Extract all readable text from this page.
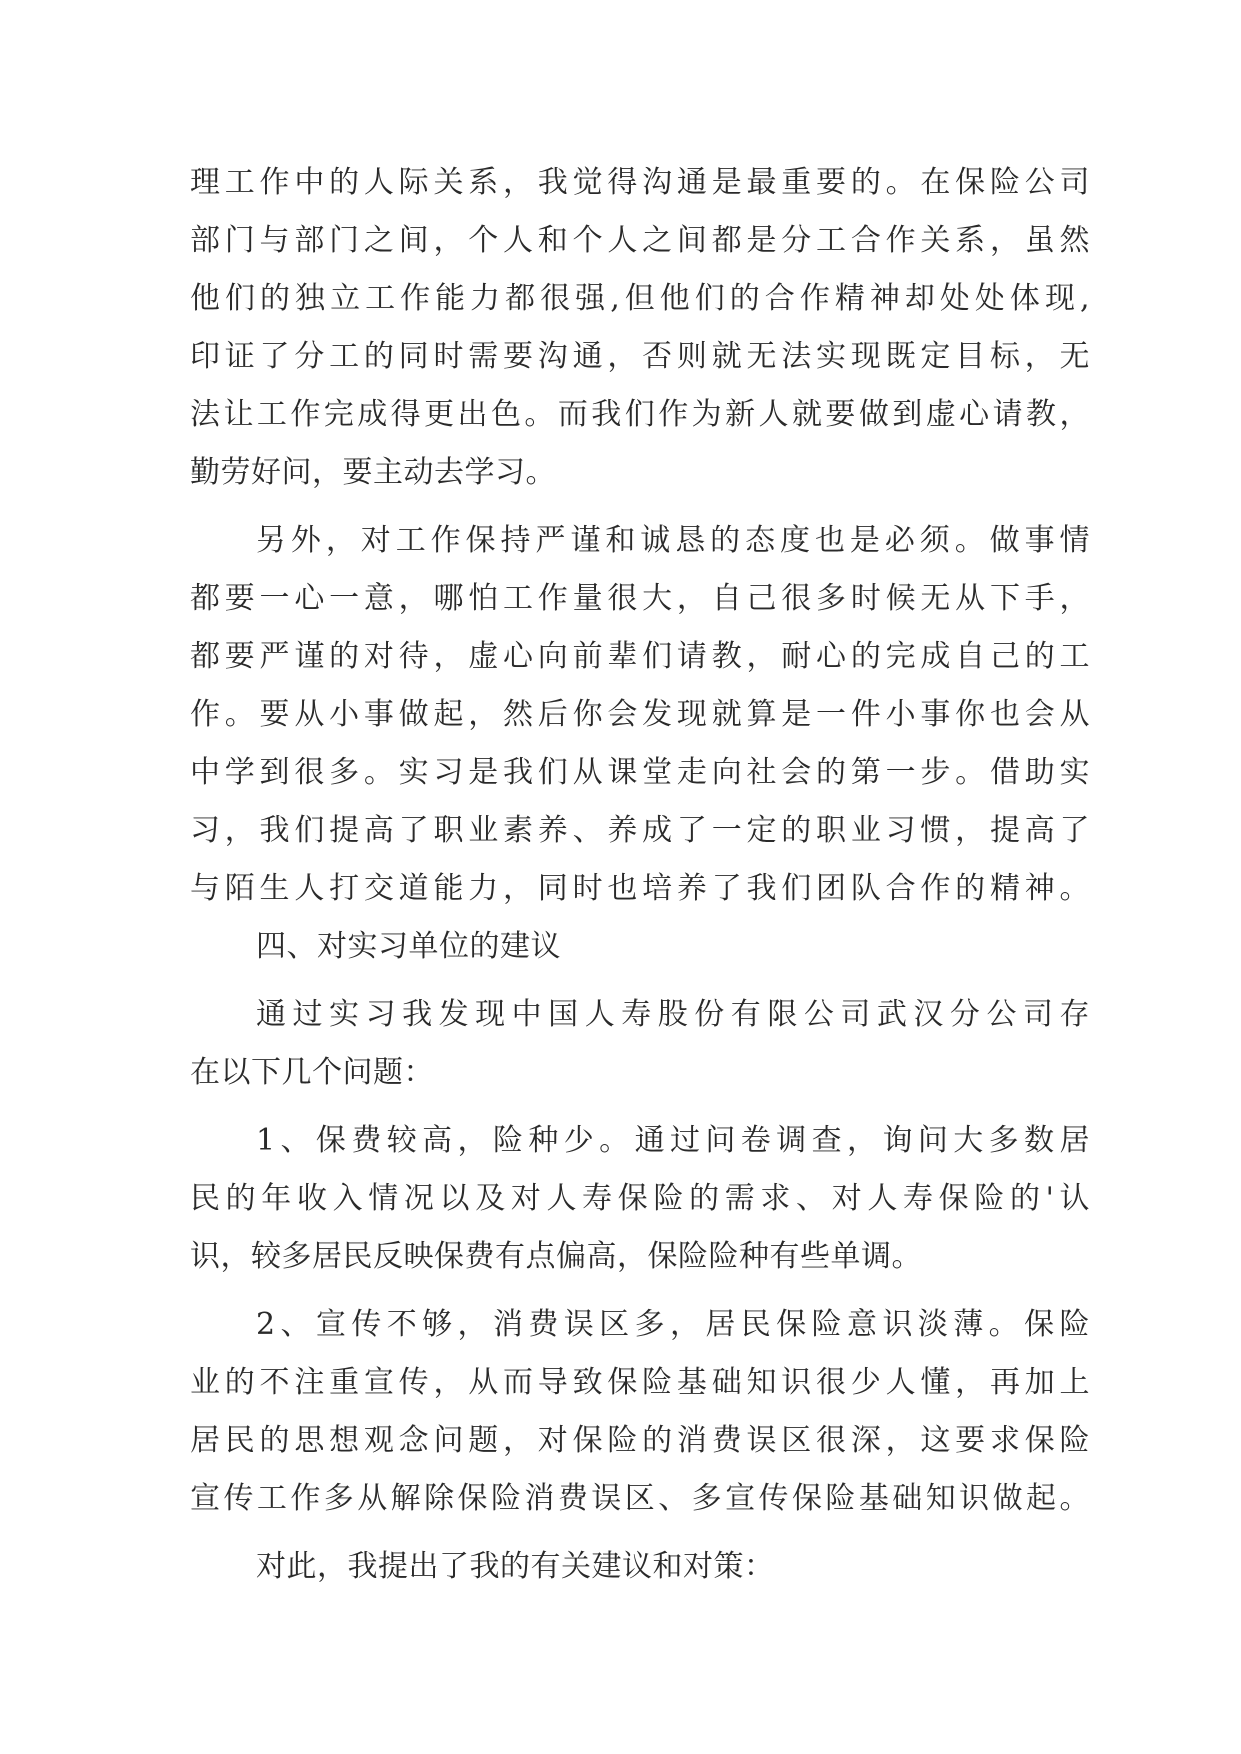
理工作中的人际关系，我觉得沟通是最重要的。在保险公司
部门与部门之间，个人和个人之间都是分工合作关系，虽然
他们的独立工作能力都很强,但他们的合作精神却处处体现,
印证了分工的同时需要沟通，否则就无法实现既定目标，无
法让工作完成得更出色。而我们作为新人就要做到虚心请教，
勤劳好问，要主动去学习。
另外，对工作保持严谨和诚恳的态度也是必须。做事情
都要一心一意，哪怕工作量很大，自己很多时候无从下手，
都要严谨的对待，虚心向前辈们请教，耐心的完成自己的工
作。要从小事做起，然后你会发现就算是一件小事你也会从
中学到很多。实习是我们从课堂走向社会的第一步。借助实
习，我们提高了职业素养、养成了一定的职业习惯，提高了
与陌生人打交道能力，同时也培养了我们团队合作的精神。
四、对实习单位的建议
通过实习我发现中国人寿股份有限公司武汉分公司存
在以下几个问题：
1、保费较高，险种少。通过问卷调查，询问大多数居
民的年收入情况以及对人寿保险的需求、对人寿保险的'认
识，较多居民反映保费有点偏高，保险险种有些单调。
2、宣传不够，消费误区多，居民保险意识淡薄。保险
业的不注重宣传，从而导致保险基础知识很少人懂，再加上
居民的思想观念问题，对保险的消费误区很深，这要求保险
宣传工作多从解除保险消费误区、多宣传保险基础知识做起。
对此，我提出了我的有关建议和对策：
